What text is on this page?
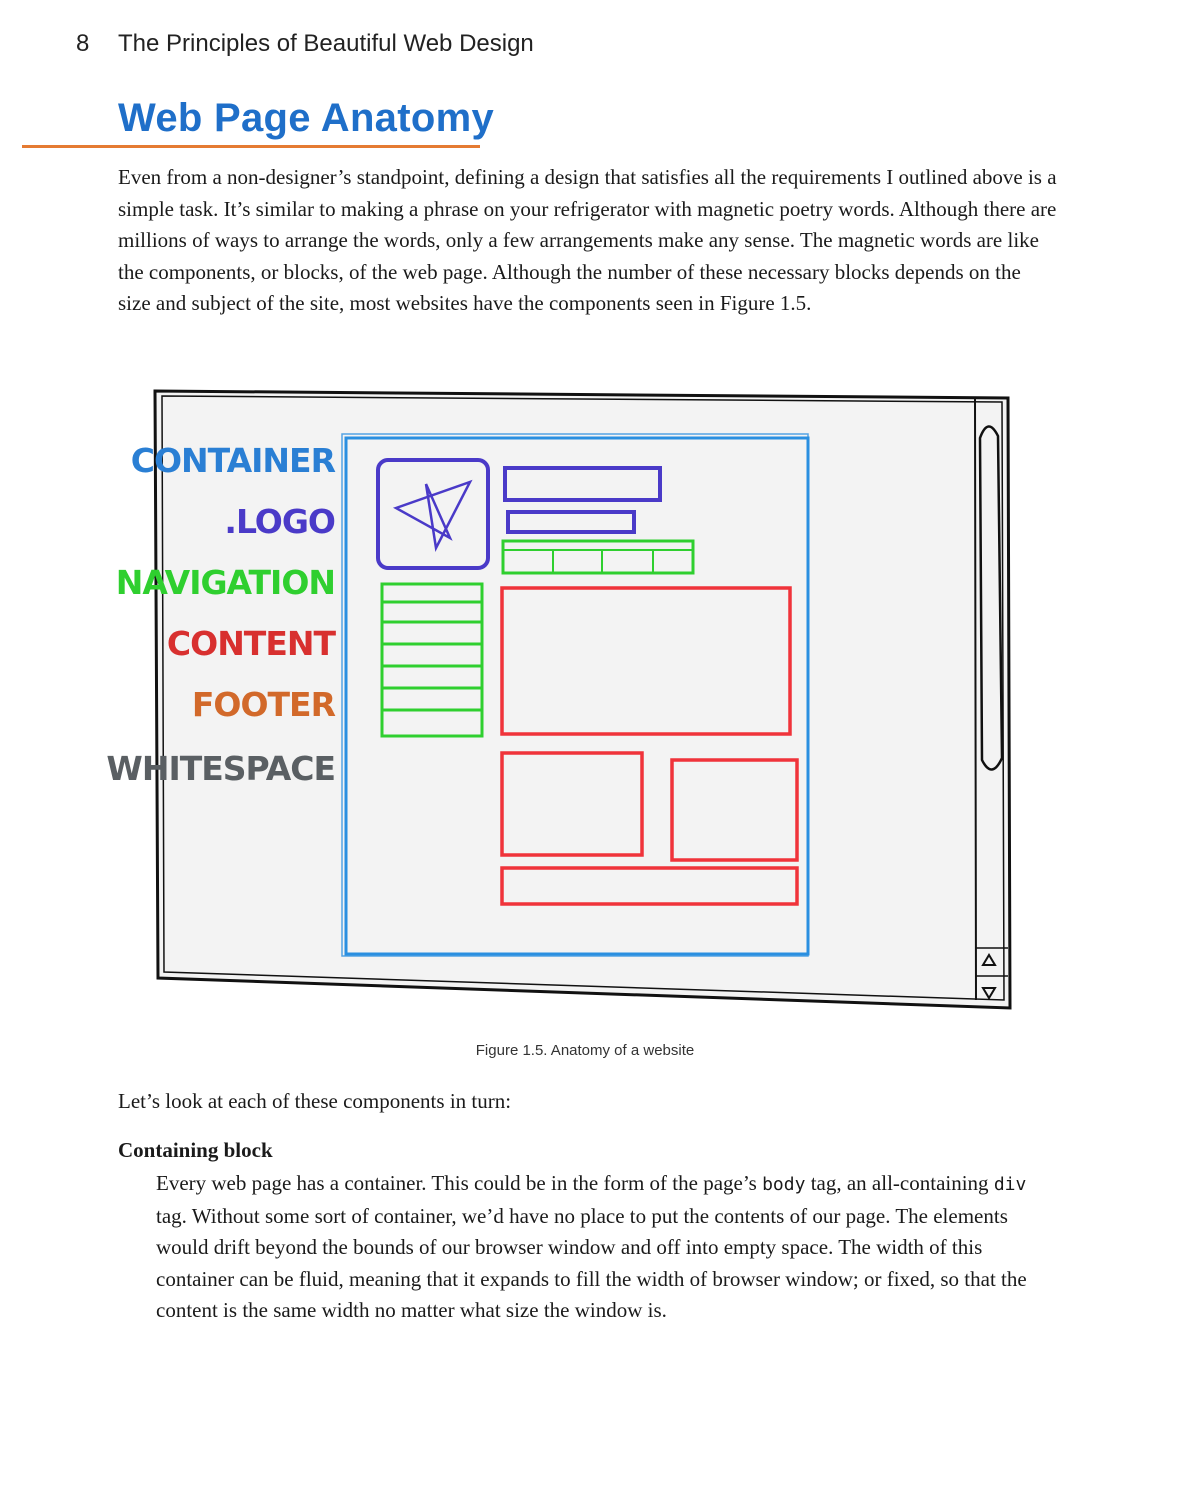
8 The Principles of Beautiful Web Design
Web Page Anatomy

Even from a non-designer’s standpoint, defining a design that satisfies all the requirements I outlined above is a simple task. It’s similar to making a phrase on your refrigerator with magnetic poetry words. Although there are millions of ways to arrange the words, only a few arrangements make any sense. The magnetic words are like the components, or blocks, of the web page. Although the number of these necessary blocks depends on the size and subject of the site, most websites have the components seen in Figure 1.5.

CONTAINER
.LOGO
NAVIGATION
CONTENT
FOOTER
WHITESPACE
Figure 1.5. Anatomy of a website

Let’s look at each of these components in turn:

Containing block

Every web page has a container. This could be in the form of the page’s body tag, an all-containing div tag. Without some sort of container, we’d have no place to put the contents of our page. The elements would drift beyond the bounds of our browser window and off into empty space. The width of this container can be fluid, meaning that it expands to fill the width of browser window; or fixed, so that the content is the same width no matter what size the window is.
